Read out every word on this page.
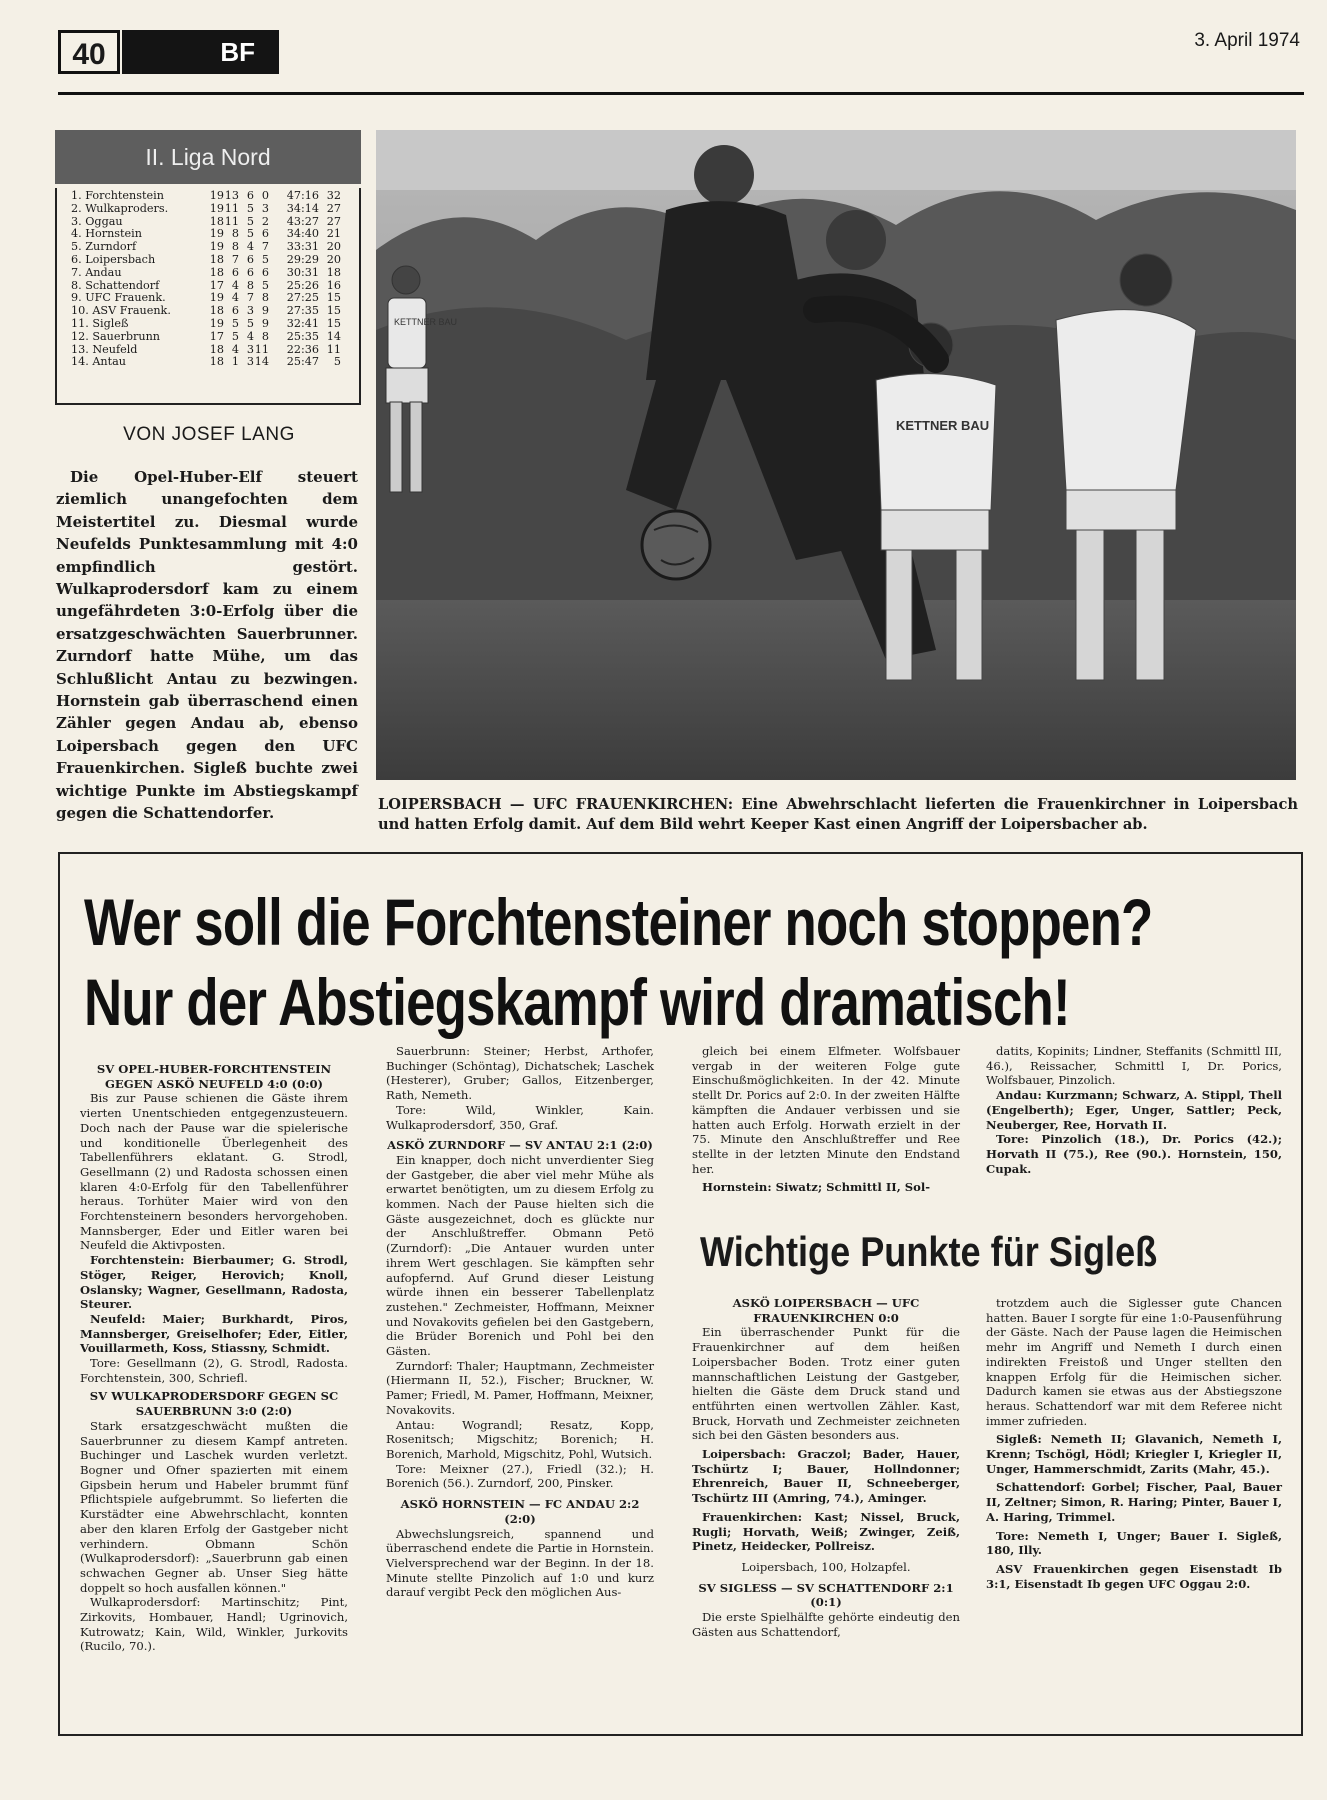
40	BF	3. April 1974
II. Liga Nord
1. Forchtenstein	19 13 6 0	47:16 32
2. Wulkaproders.	19 11 5 3	34:14 27
3. Oggau	18 11 5 2	43:27 27
4. Hornstein	19 8 5 6	34:40 21
5. Zurndorf	19 8 4 7	33:31 20
6. Loipersbach	18 7 6 5	29:29 20
7. Andau	18 6 6 6	30:31 18
8. Schattendorf	17 4 8 5	25:26 16
9. UFC Frauenk.	19 4 7 8	27:25 15
10. ASV Frauenk.	18 6 3 9	27:35 15
11. Sigleß	19 5 5 9	32:41 15
12. Sauerbrunn	17 5 4 8	25:35 14
13. Neufeld	18 4 3 11	22:36 11
14. Antau	18 1 3 14	25:47	5
VON JOSEF LANG
Die Opel-Huber-Elf steuert ziemlich unangefochten dem Meistertitel zu. Diesmal wurde Neufelds Punktesammlung mit 4:0 empfindlich gestört. Wulkaprodersdorf kam zu einem ungefährdeten 3:0-Erfolg über die ersatzgeschwächten Sauerbrunner. Zurndorf hatte Mühe, um das Schlußlicht Antau zu bezwingen. Hornstein gab überraschend einen Zähler gegen Andau ab, ebenso Loipersbach gegen den UFC Frauenkirchen. Sigleß buchte zwei wichtige Punkte im Abstiegskampf gegen die Schattendorfer.
KETTNER BAU
KETTNER BAU
LOIPERSBACH — UFC FRAUENKIRCHEN: Eine Abwehrschlacht lieferten die Frauenkirchner in Loipersbach und hatten Erfolg damit. Auf dem Bild wehrt Keeper Kast einen Angriff der Loipersbacher ab.
Wer soll die Forchtensteiner noch stoppen?
Nur der Abstiegskampf wird dramatisch!

SV OPEL-HUBER-FORCHTENSTEIN GEGEN ASKÖ NEUFELD 4:0 (0:0)

Bis zur Pause schienen die Gäste ihrem vierten Unentschieden entgegenzusteuern. Doch nach der Pause war die spielerische und konditionelle Überlegenheit des Tabellenführers eklatant. G. Strodl, Gesellmann (2) und Radosta schossen einen klaren 4:0-Erfolg für den Tabellenführer heraus. Torhüter Maier wird von den Forchtensteinern besonders hervorgehoben. Mannsberger, Eder und Eitler waren bei Neufeld die Aktivposten.

Forchtenstein: Bierbaumer; G. Strodl, Stöger, Reiger, Herovich; Knoll, Oslansky; Wagner, Gesellmann, Radosta, Steurer.

Neufeld: Maier; Burkhardt, Piros, Mannsberger, Greiselhofer; Eder, Eitler, Vouillarmeth, Koss, Stiassny, Schmidt.

Tore: Gesellmann (2), G. Strodl, Radosta. Forchtenstein, 300, Schriefl.

SV WULKAPRODERSDORF GEGEN SC SAUERBRUNN 3:0 (2:0)

Stark ersatzgeschwächt mußten die Sauerbrunner zu diesem Kampf antreten. Buchinger und Laschek wurden verletzt. Bogner und Ofner spazierten mit einem Gipsbein herum und Habeler brummt fünf Pflichtspiele aufgebrummt. So lieferten die Kurstädter eine Abwehrschlacht, konnten aber den klaren Erfolg der Gastgeber nicht verhindern. Obmann Schön (Wulkaprodersdorf): „Sauerbrunn gab einen schwachen Gegner ab. Unser Sieg hätte doppelt so hoch ausfallen können."

Wulkaprodersdorf: Martinschitz; Pint, Zirkovits, Hombauer, Handl; Ugrinovich, Kutrowatz; Kain, Wild, Winkler, Jurkovits (Rucilo, 70.).

Sauerbrunn: Steiner; Herbst, Arthofer, Buchinger (Schöntag), Dichatschek; Laschek (Hesterer), Gruber; Gallos, Eitzenberger, Rath, Nemeth.

Tore: Wild, Winkler, Kain. Wulkaprodersdorf, 350, Graf.

ASKÖ ZURNDORF — SV ANTAU 2:1 (2:0)

Ein knapper, doch nicht unverdienter Sieg der Gastgeber, die aber viel mehr Mühe als erwartet benötigten, um zu diesem Erfolg zu kommen. Nach der Pause hielten sich die Gäste ausgezeichnet, doch es glückte nur der Anschlußtreffer. Obmann Petö (Zurndorf): „Die Antauer wurden unter ihrem Wert geschlagen. Sie kämpften sehr aufopfernd. Auf Grund dieser Leistung würde ihnen ein besserer Tabellenplatz zustehen." Zechmeister, Hoffmann, Meixner und Novakovits gefielen bei den Gastgebern, die Brüder Borenich und Pohl bei den Gästen.

Zurndorf: Thaler; Hauptmann, Zechmeister (Hiermann II, 52.), Fischer; Bruckner, W. Pamer; Friedl, M. Pamer, Hoffmann, Meixner, Novakovits.

Antau: Wograndl; Resatz, Kopp, Rosenitsch; Migschitz; Borenich; H. Borenich, Marhold, Migschitz, Pohl, Wutsich.

Tore: Meixner (27.), Friedl (32.); H. Borenich (56.). Zurndorf, 200, Pinsker.

ASKÖ HORNSTEIN — FC ANDAU 2:2 (2:0)

Abwechslungsreich, spannend und überraschend endete die Partie in Hornstein. Vielversprechend war der Beginn. In der 18. Minute stellte Pinzolich auf 1:0 und kurz darauf vergibt Peck den möglichen Aus-

gleich bei einem Elfmeter. Wolfsbauer vergab in der weiteren Folge gute Einschußmöglichkeiten. In der 42. Minute stellt Dr. Porics auf 2:0. In der zweiten Hälfte kämpften die Andauer verbissen und sie hatten auch Erfolg. Horwath erzielt in der 75. Minute den Anschlußtreffer und Ree stellte in der letzten Minute den Endstand her.

Hornstein: Siwatz; Schmittl II, Sol-

datits, Kopinits; Lindner, Steffanits (Schmittl III, 46.), Reissacher, Schmittl I, Dr. Porics, Wolfsbauer, Pinzolich.

Andau: Kurzmann; Schwarz, A. Stippl, Thell (Engelberth); Eger, Unger, Sattler; Peck, Neuberger, Ree, Horvath II.

Tore: Pinzolich (18.), Dr. Porics (42.); Horvath II (75.), Ree (90.). Hornstein, 150, Cupak.

Wichtige Punkte für Sigleß

ASKÖ LOIPERSBACH — UFC FRAUENKIRCHEN 0:0

Ein überraschender Punkt für die Frauenkirchner auf dem heißen Loipersbacher Boden. Trotz einer guten mannschaftlichen Leistung der Gastgeber, hielten die Gäste dem Druck stand und entführten einen wertvollen Zähler. Kast, Bruck, Horvath und Zechmeister zeichneten sich bei den Gästen besonders aus.

Loipersbach: Graczol; Bader, Hauer, Tschürtz I; Bauer, Hollndonner; Ehrenreich, Bauer II, Schneeberger, Tschürtz III (Amring, 74.), Aminger.

Frauenkirchen: Kast; Nissel, Bruck, Rugli; Horvath, Weiß; Zwinger, Zeiß, Pinetz, Heidecker, Pollreisz.

Loipersbach, 100, Holzapfel.

SV SIGLESS — SV SCHATTENDORF 2:1 (0:1)

Die erste Spielhälfte gehörte eindeutig den Gästen aus Schattendorf,

trotzdem auch die Siglesser gute Chancen hatten. Bauer I sorgte für eine 1:0-Pausenführung der Gäste. Nach der Pause lagen die Heimischen mehr im Angriff und Nemeth I durch einen indirekten Freistoß und Unger stellten den knappen Erfolg für die Heimischen sicher. Dadurch kamen sie etwas aus der Abstiegszone heraus. Schattendorf war mit dem Referee nicht immer zufrieden.

Sigleß: Nemeth II; Glavanich, Nemeth I, Krenn; Tschögl, Hödl; Kriegler I, Kriegler II, Unger, Hammerschmidt, Zarits (Mahr, 45.).

Schattendorf: Gorbel; Fischer, Paal, Bauer II, Zeltner; Simon, R. Haring; Pinter, Bauer I, A. Haring, Trimmel.

Tore: Nemeth I, Unger; Bauer I. Sigleß, 180, Illy.

ASV Frauenkirchen gegen Eisenstadt Ib 3:1, Eisenstadt Ib gegen UFC Oggau 2:0.
